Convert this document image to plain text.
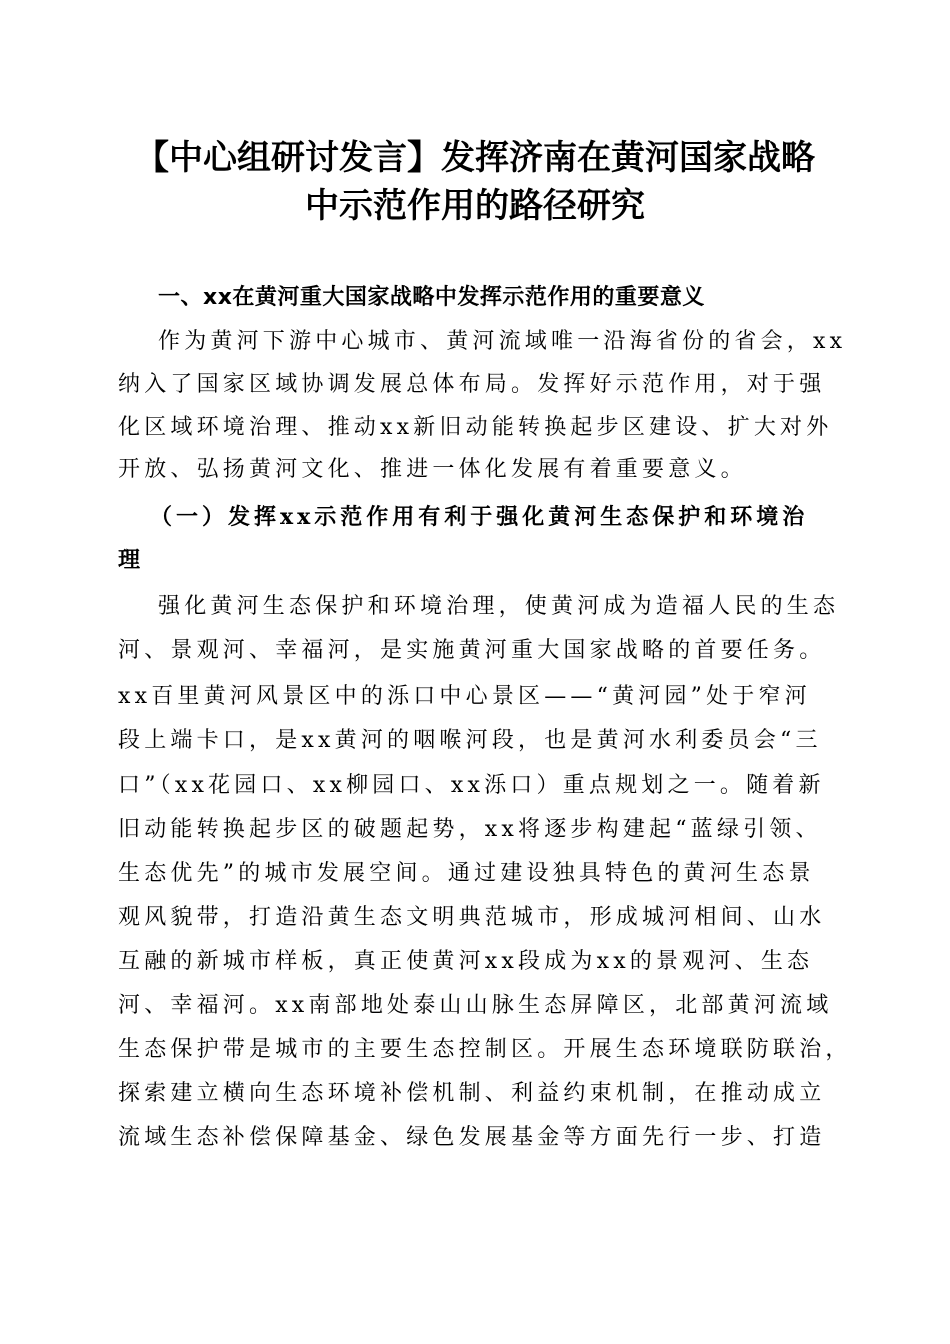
【中心组研讨发言】发挥济南在黄河国家战略
中示范作用的路径研究
一、xx在黄河重大国家战略中发挥示范作用的重要意义
作为黄河下游中心城市、黄河流域唯一沿海省份的省会，xx
纳入了国家区域协调发展总体布局。发挥好示范作用，对于强
化区域环境治理、推动xx新旧动能转换起步区建设、扩大对外
开放、弘扬黄河文化、推进一体化发展有着重要意义。
（一）发挥xx示范作用有利于强化黄河生态保护和环境治
理
强化黄河生态保护和环境治理，使黄河成为造福人民的生态
河、景观河、幸福河，是实施黄河重大国家战略的首要任务。
xx百里黄河风景区中的泺口中心景区——“黄河园”处于窄河
段上端卡口，是xx黄河的咽喉河段，也是黄河水利委员会“三
口”（xx花园口、xx柳园口、xx泺口）重点规划之一。随着新
旧动能转换起步区的破题起势，xx将逐步构建起“蓝绿引领、
生态优先”的城市发展空间。通过建设独具特色的黄河生态景
观风貌带，打造沿黄生态文明典范城市，形成城河相间、山水
互融的新城市样板，真正使黄河xx段成为xx的景观河、生态
河、幸福河。xx南部地处泰山山脉生态屏障区，北部黄河流域
生态保护带是城市的主要生态控制区。开展生态环境联防联治，
探索建立横向生态环境补偿机制、利益约束机制，在推动成立
流域生态补偿保障基金、绿色发展基金等方面先行一步、打造
